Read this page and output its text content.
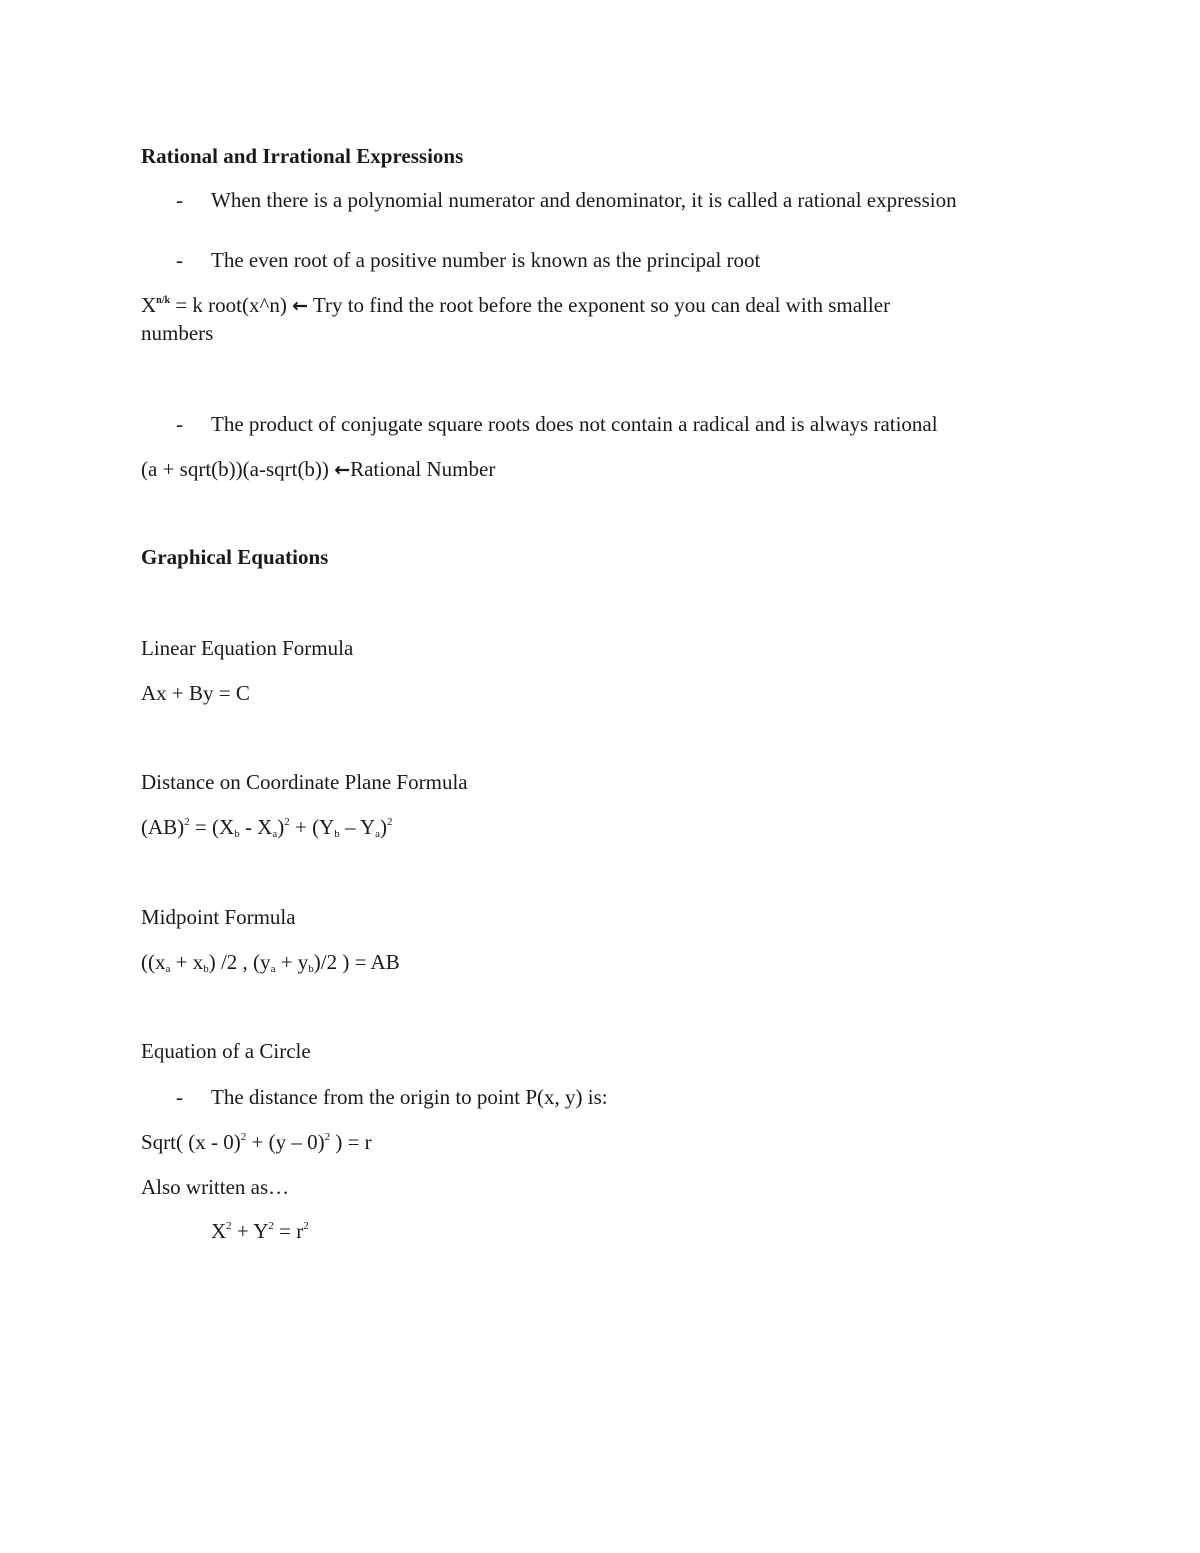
Rational and Irrational Expressions
- When there is a polynomial numerator and denominator, it is called a rational expression
- The even root of a positive number is known as the principal root
$X^{n/k} = k$ root(x^n) ← Try to find the root before the exponent so you can deal with smaller
numbers
- The product of conjugate square roots does not contain a radical and is always rational
(a + sqrt(b))(a-sqrt(b)) ←Rational Number
Graphical Equations
Linear Equation Formula
Ax + By = C
Distance on Coordinate Plane Formula
$(AB)^2 = (X_b - X_a)^2 + (Y_b - Y_a)^2$
Midpoint Formula
($(x_a + x_b)$ /2 , $(y_a + y_b)/2$ ) = AB
Equation of a Circle
- The distance from the origin to point P(x, y) is:
Sqrt( (x - 0)$^2$ + (y – 0)$^2$ ) = r
Also written as…
$X^2 + Y^2 = r^2$
